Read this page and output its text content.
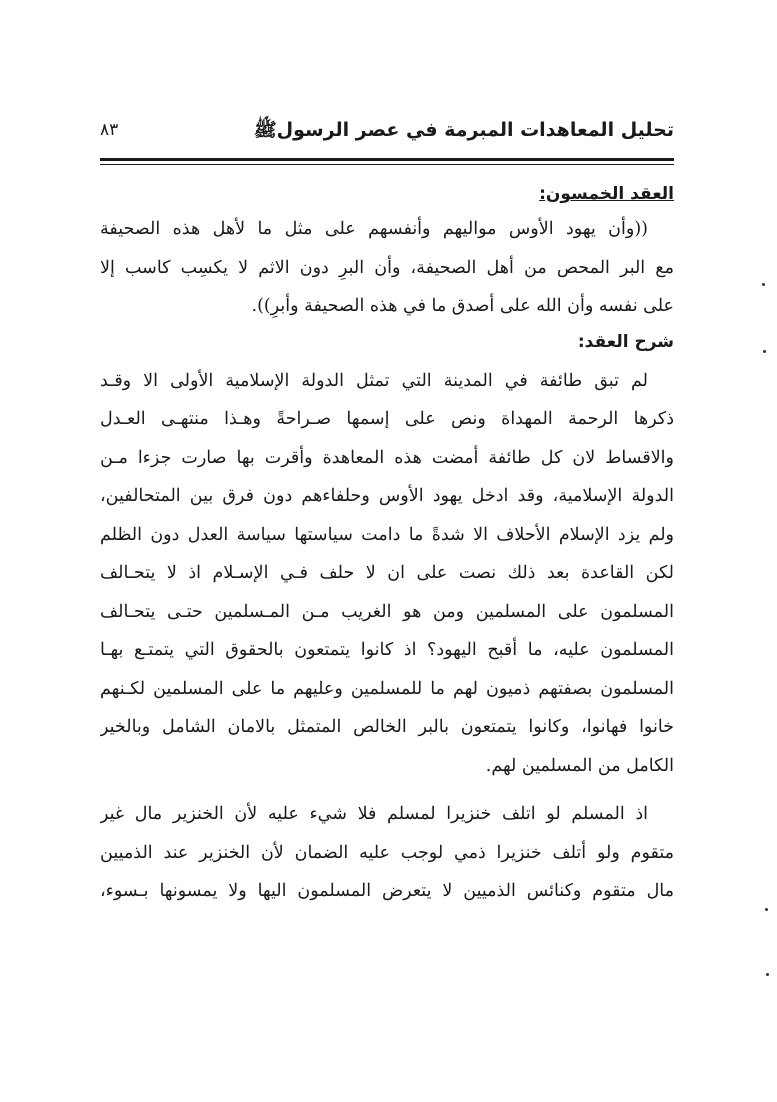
تحليل المعاهدات المبرمة في عصر الرسولﷺ
٨٣
العقد الخمسون:
((وأن يهود الأوس مواليهم وأنفسهم على مثل ما لأهل هذه الصحيفة
مع البر المحص من أهل الصحيفة، وأن البرِ دون الاثم لا يكسِب كاسب إلا
على نفسه وأن الله على أصدق ما في هذه الصحيفة وأبرِ)).
شرح العقد:
لم تبق طائفة في المدينة التي تمثل الدولة الإسلامية الأولى الا وقـد
ذكرها الرحمة المهداة ونص على إسمها صـراحةً وهـذا منتهـى العـدل
والاقساط لان كل طائفة أمضت هذه المعاهدة وأقرت بها صارت جزءا مـن
الدولة الإسلامية، وقد ادخل يهود الأوس وحلفاءهم دون فرق بين المتحالفين،
ولم يزد الإسلام الأحلاف الا شدةً ما دامت سياستها سياسة العدل دون الظلم
لكن القاعدة بعد ذلك نصت على ان لا حلف فـي الإسـلام اذ لا يتحـالف
المسلمون على المسلمين ومن هو الغريب مـن المـسلمين حتـى يتحـالف
المسلمون عليه، ما أقبح اليهود؟ اذ كانوا يتمتعون بالحقوق التي يتمتـع بهـا
المسلمون بصفتهم ذميون لهم ما للمسلمين وعليهم ما على المسلمين لكـنهم
خانوا فهانوا، وكانوا يتمتعون بالبر الخالص المتمثل بالامان الشامل وبالخير
الكامل من المسلمين لهم.
اذ المسلم لو اتلف خنزيرا لمسلم فلا شيء عليه لأن الخنزير مال غير
متقوم ولو أتلف خنزيرا ذمي لوجب عليه الضمان لأن الخنزير عند الذميين
مال متقوم وكنائس الذميين لا يتعرض المسلمون اليها ولا يمسونها بـسوء،
